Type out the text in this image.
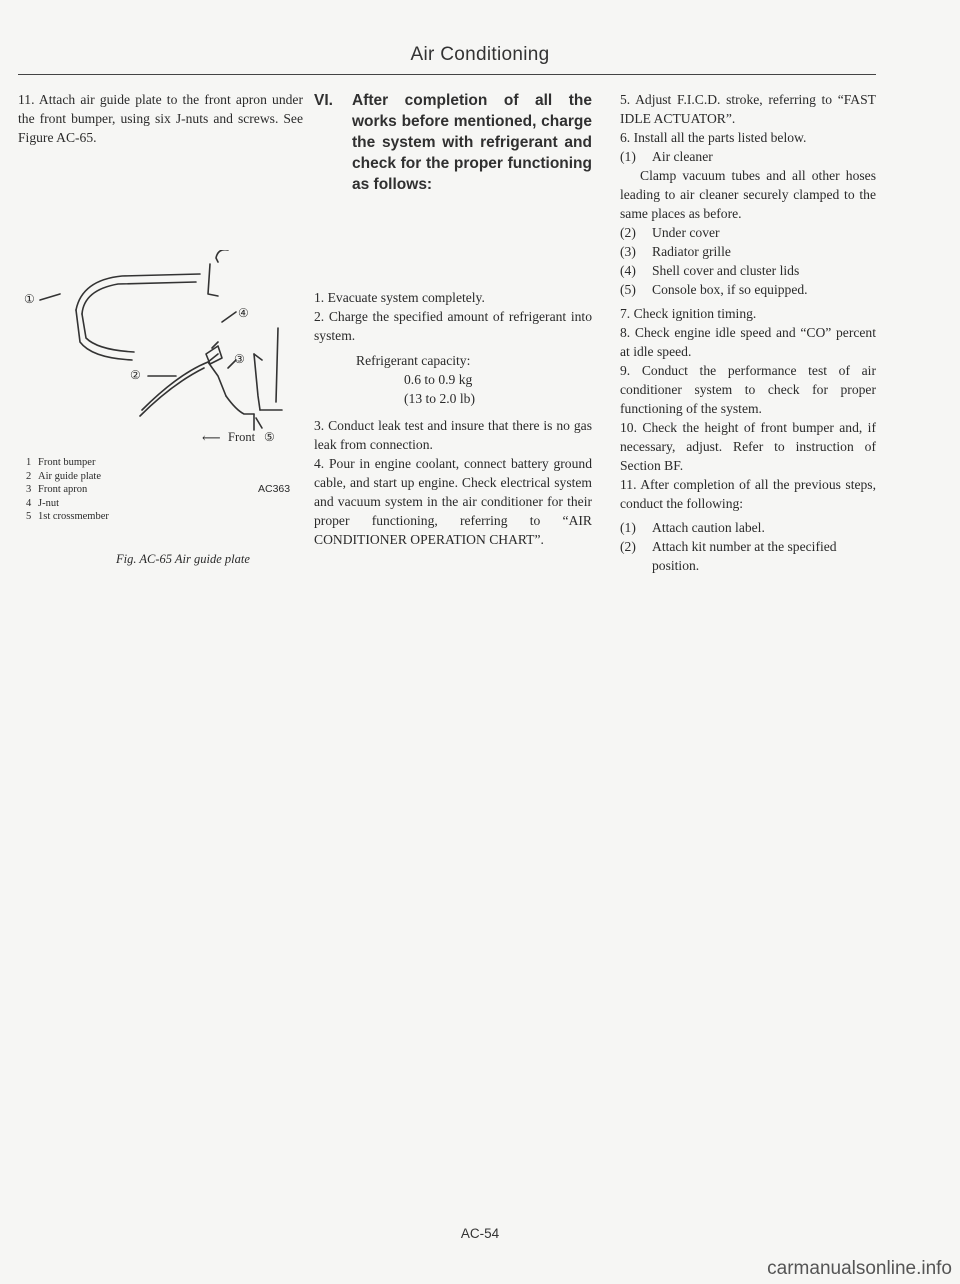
Air Conditioning

11. Attach air guide plate to the front apron under the front bumper, using six J-nuts and screws. See Figure AC-65.

①
②
③
④
⑤
⟵ Front
1 Front bumper
2 Air guide plate
3 Front apron
4 J-nut
5 1st crossmember
AC363
Fig. AC-65 Air guide plate
VI.	After completion of all the works before mentioned, charge the system with refrigerant and check for the proper functioning as follows:

1. Evacuate system completely.

2. Charge the specified amount of refrigerant into system.

Refrigerant capacity:
0.6 to 0.9 kg
(13 to 2.0 lb)

3. Conduct leak test and insure that there is no gas leak from connection.

4. Pour in engine coolant, connect battery ground cable, and start up engine. Check electrical system and vacuum system in the air conditioner for their proper functioning, referring to “AIR CONDITIONER OPERATION CHART”.

5. Adjust F.I.C.D. stroke, referring to “FAST IDLE ACTUATOR”.

6. Install all the parts listed below.

(1)	Air cleaner

Clamp vacuum tubes and all other hoses leading to air cleaner securely clamped to the same places as before.

(2)	Under cover
(3)	Radiator grille
(4)	Shell cover and cluster lids
(5)	Console box, if so equipped.

7. Check ignition timing.

8. Check engine idle speed and “CO” percent at idle speed.

9. Conduct the performance test of air conditioner system to check for proper functioning of the system.

10. Check the height of front bumper and, if necessary, adjust. Refer to instruction of Section BF.

11. After completion of all the previous steps, conduct the following:

(1)	Attach caution label.
(2)	Attach kit number at the specified position.
AC-54
carmanualsonline.info
